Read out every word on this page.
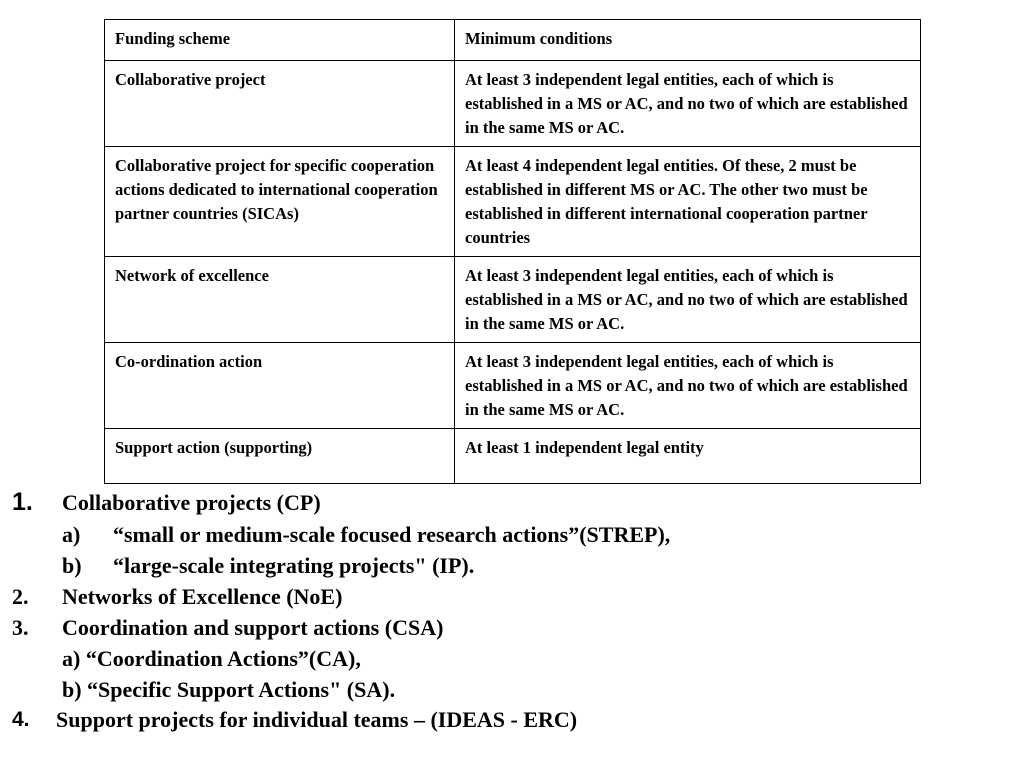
Funding scheme	Minimum conditions
Collaborative project	At least 3 independent legal entities, each of which is established in a MS or AC, and no two of which are established in the same MS or AC.
Collaborative project for specific cooperation actions dedicated to international cooperation partner countries (SICAs)	At least 4 independent legal entities. Of these, 2 must be established in different MS or AC. The other two must be established in different international cooperation partner countries
Network of excellence	At least 3 independent legal entities, each of which is established in a MS or AC, and no two of which are established in the same MS or AC.
Co-ordination action	At least 3 independent legal entities, each of which is established in a MS or AC, and no two of which are established in the same MS or AC.
Support action (supporting)	At least 1 independent legal entity
1. Collaborative projects (CP)
a) “small or medium-scale focused research actions”(STREP),
b) “large-scale integrating projects" (IP).
2. Networks of Excellence (NoE)
3. Coordination and support actions (CSA)
a) “Coordination Actions”(CA),
b) “Specific Support Actions" (SA).
4. Support projects for individual teams – (IDEAS - ERC)
